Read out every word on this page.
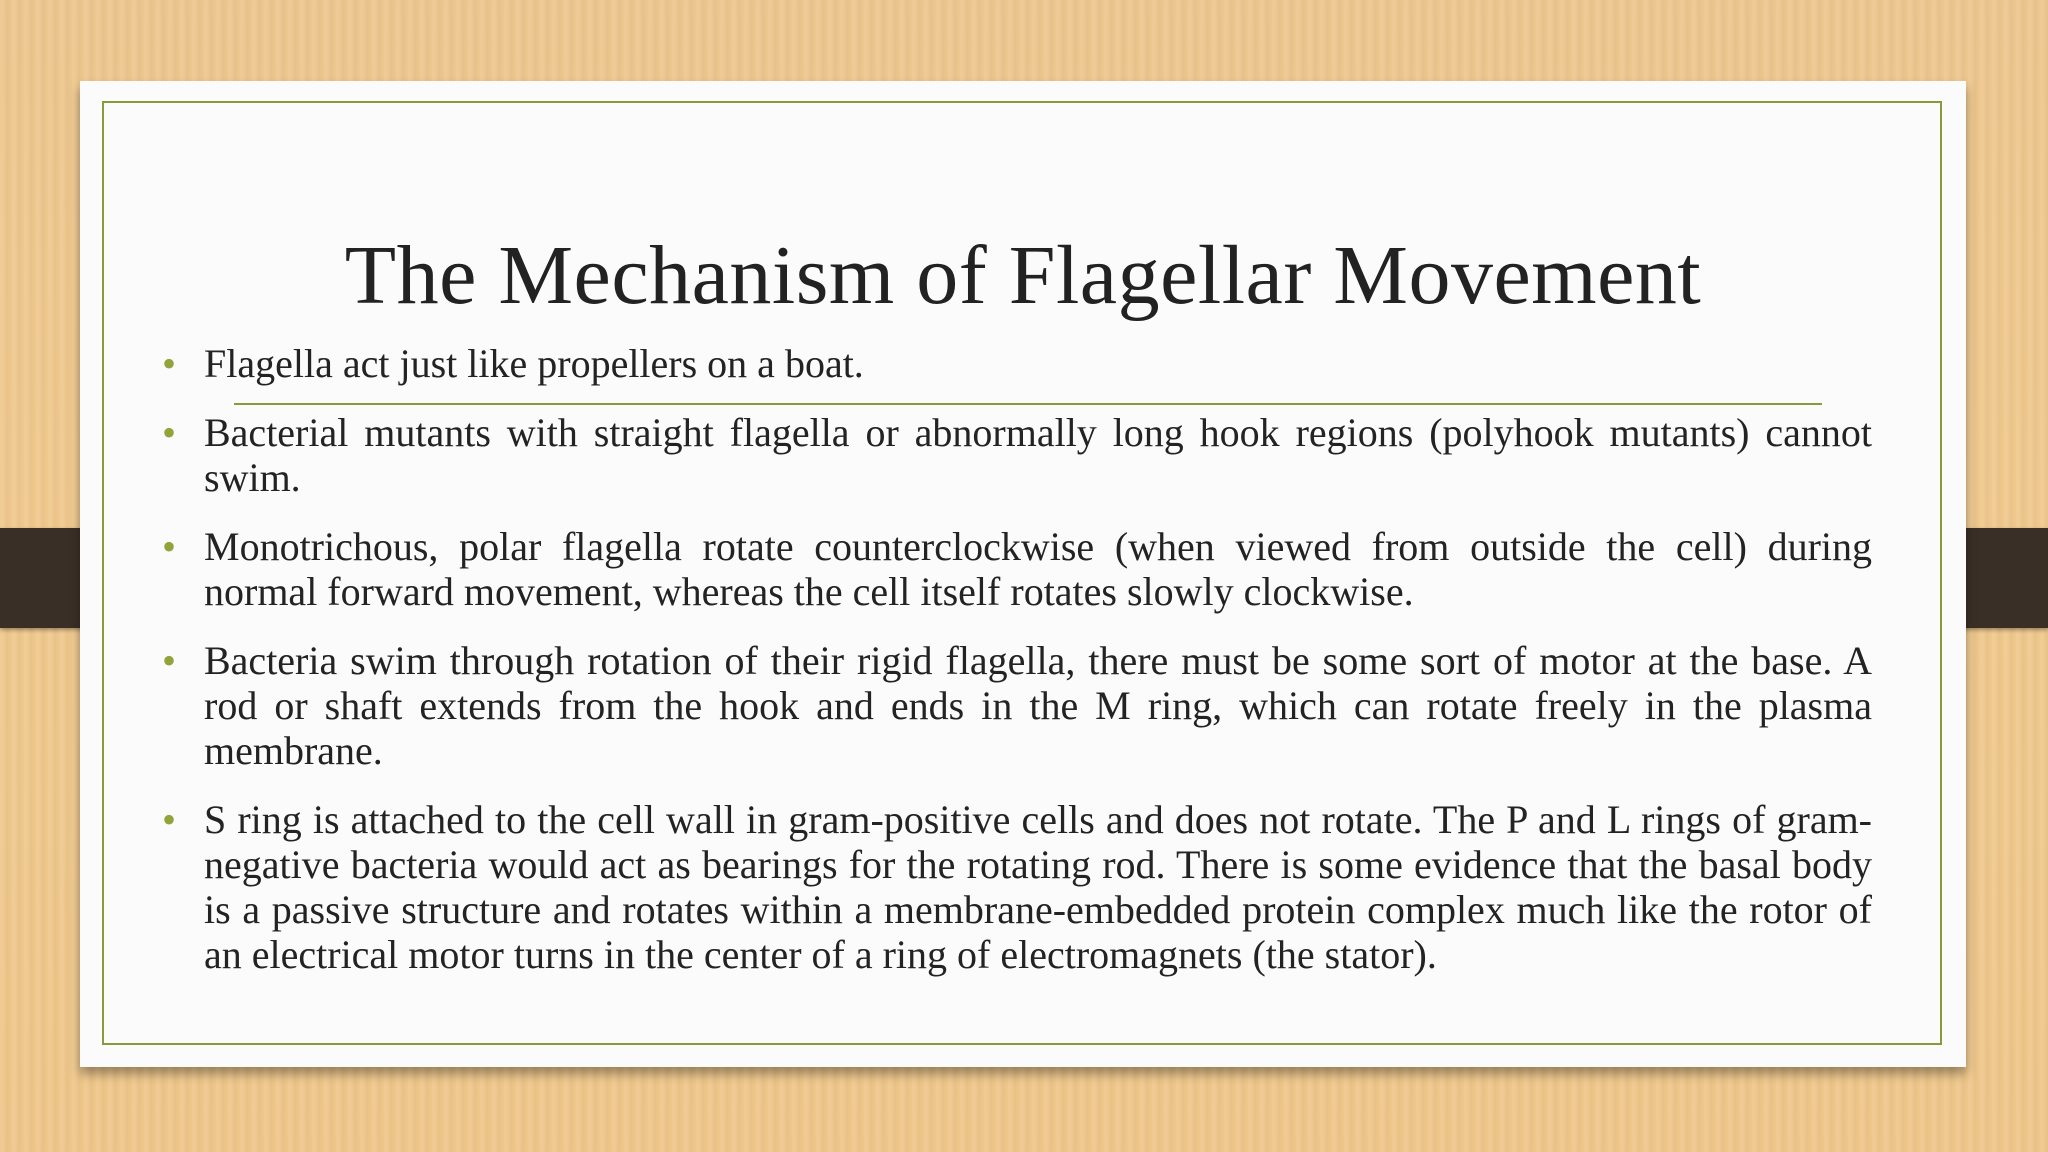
The Mechanism of Flagellar Movement
• Flagella act just like propellers on a boat.
• Bacterial mutants with straight flagella or abnormally long hook regions (polyhook mutants) cannot swim.
• Monotrichous, polar flagella rotate counterclockwise (when viewed from outside the cell) during normal forward movement, whereas the cell itself rotates slowly clockwise.
• Bacteria swim through rotation of their rigid flagella, there must be some sort of motor at the base. A rod or shaft extends from the hook and ends in the M ring, which can rotate freely in the plasma membrane.
• S ring is attached to the cell wall in gram-positive cells and does not rotate. The P and L rings of gram-negative bacteria would act as bearings for the rotating rod. There is some evidence that the basal body is a passive structure and rotates within a membrane-embedded protein complex much like the rotor of an electrical motor turns in the center of a ring of electromagnets (the stator).
